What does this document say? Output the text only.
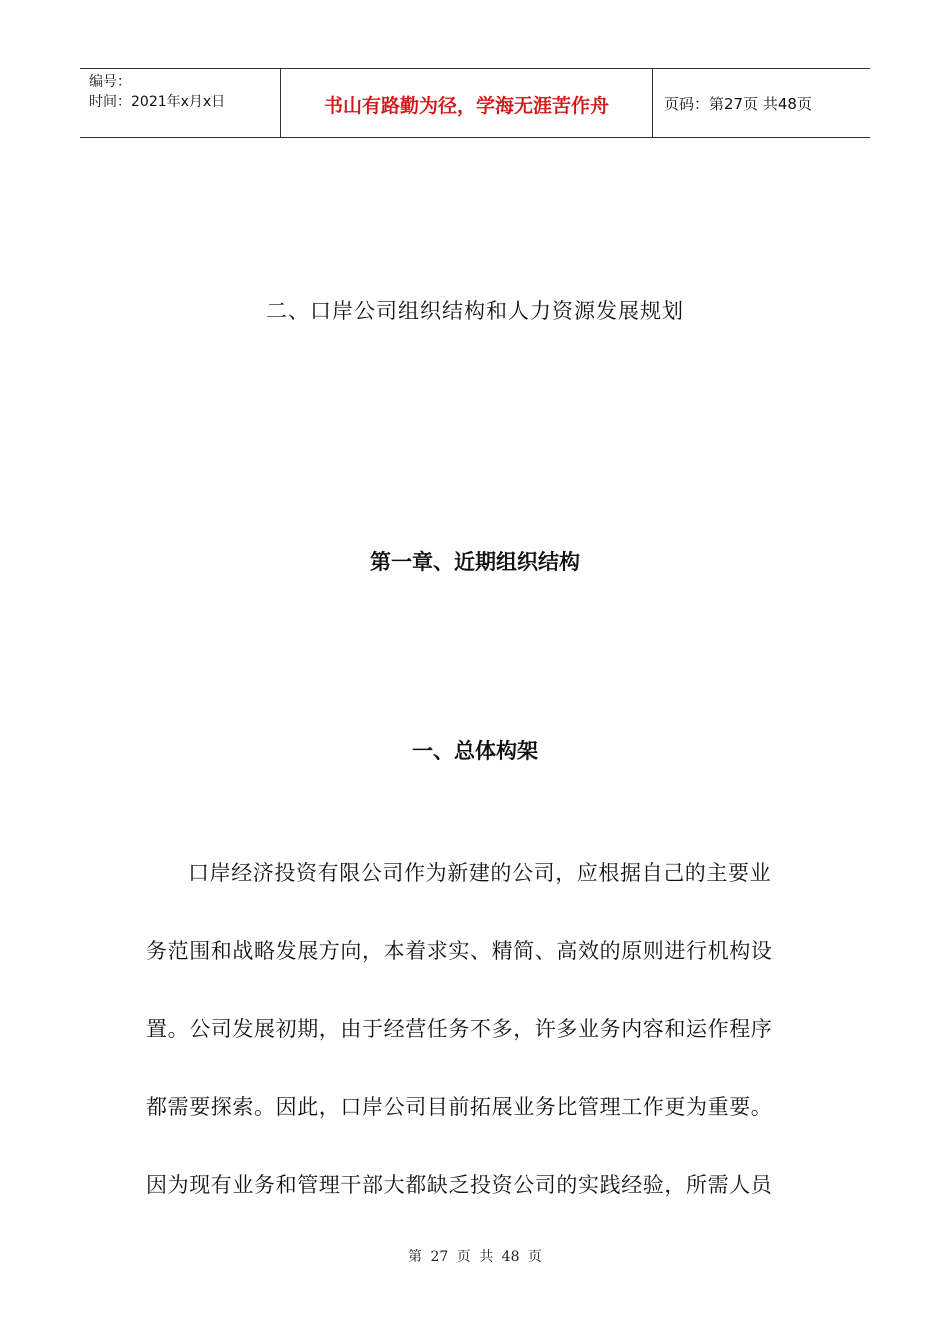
编号：
时间：2021年x月x日	书山有路勤为径，学海无涯苦作舟	页码：第27页 共48页
二、口岸公司组织结构和人力资源发展规划
第一章、近期组织结构
一、总体构架
口岸经济投资有限公司作为新建的公司，应根据自己的主要业
务范围和战略发展方向，本着求实、精简、高效的原则进行机构设
置。公司发展初期，由于经营任务不多，许多业务内容和运作程序
都需要探索。因此，口岸公司目前拓展业务比管理工作更为重要。
因为现有业务和管理干部大都缺乏投资公司的实践经验，所需人员
第 27 页 共 48 页
